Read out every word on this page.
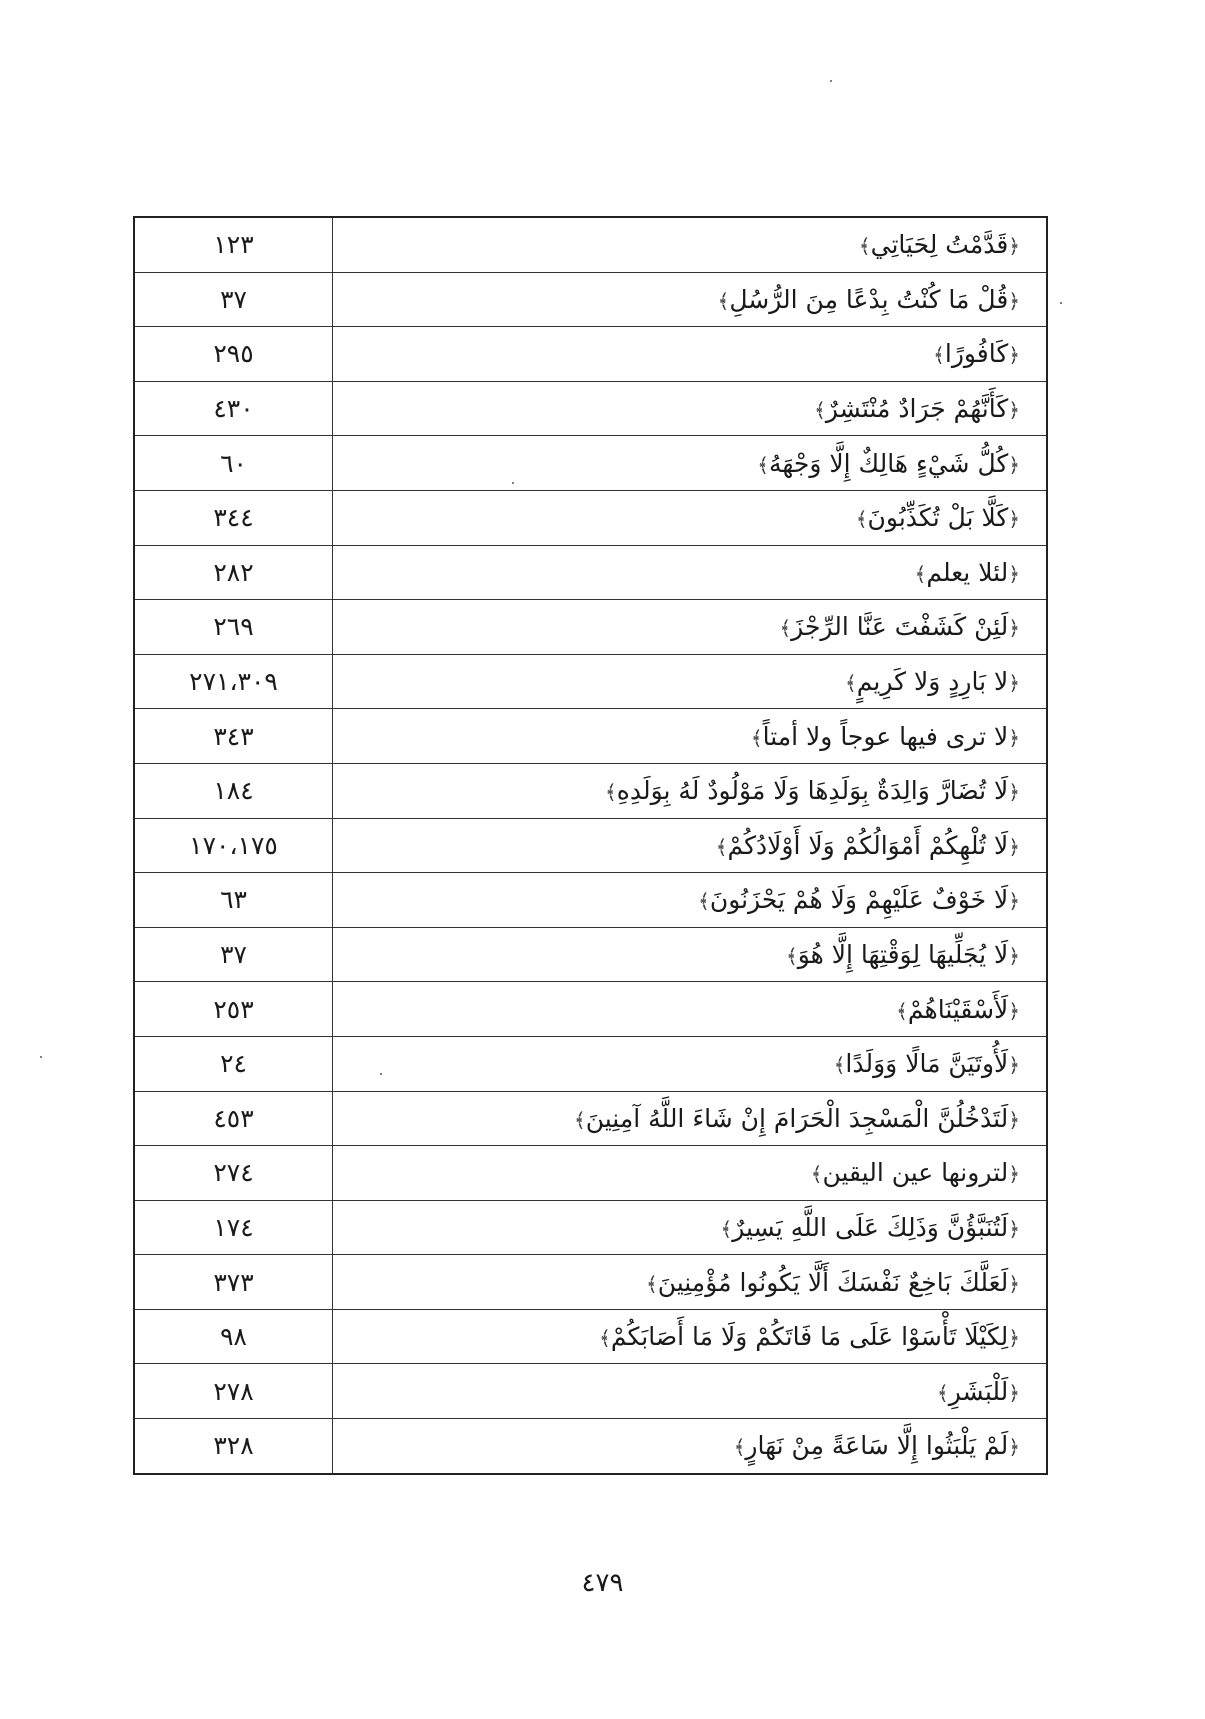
١٢٣	﴿قَدَّمْتُ لِحَيَاتِي﴾
٣٧	﴿قُلْ مَا كُنْتُ بِدْعًا مِنَ الرُّسُلِ﴾
٢٩٥	﴿كَافُورًا﴾
٤٣٠	﴿كَأَنَّهُمْ جَرَادٌ مُنْتَشِرٌ﴾
٦٠	﴿كُلُّ شَيْءٍ هَالِكٌ إِلَّا وَجْهَهُ﴾
٣٤٤	﴿كَلَّا بَلْ تُكَذِّبُونَ﴾
٢٨٢	﴿لئلا يعلم﴾
٢٦٩	﴿لَئِنْ كَشَفْتَ عَنَّا الرِّجْزَ﴾
٢٧١،٣٠٩	﴿لا بَارِدٍ وَلا كَرِيمٍ﴾
٣٤٣	﴿لا ترى فيها عوجاً ولا أمتاً﴾
١٨٤	﴿لَا تُضَارَّ وَالِدَةٌ بِوَلَدِهَا وَلَا مَوْلُودٌ لَهُ بِوَلَدِهِ﴾
١٧٠،١٧٥	﴿لَا تُلْهِكُمْ أَمْوَالُكُمْ وَلَا أَوْلَادُكُمْ﴾
٦٣	﴿لَا خَوْفٌ عَلَيْهِمْ وَلَا هُمْ يَحْزَنُونَ﴾
٣٧	﴿لَا يُجَلِّيهَا لِوَقْتِهَا إِلَّا هُوَ﴾
٢٥٣	﴿لَأَسْقَيْنَاهُمْ﴾
٢٤	﴿لَأُوتَيَنَّ مَالًا وَوَلَدًا﴾
٤٥٣	﴿لَتَدْخُلُنَّ الْمَسْجِدَ الْحَرَامَ إِنْ شَاءَ اللَّهُ آمِنِينَ﴾
٢٧٤	﴿لترونها عين اليقين﴾
١٧٤	﴿لَتُنَبَّؤُنَّ وَذَلِكَ عَلَى اللَّهِ يَسِيرٌ﴾
٣٧٣	﴿لَعَلَّكَ بَاخِعٌ نَفْسَكَ أَلَّا يَكُونُوا مُؤْمِنِينَ﴾
٩٨	﴿لِكَيْلَا تَأْسَوْا عَلَى مَا فَاتَكُمْ وَلَا مَا أَصَابَكُمْ﴾
٢٧٨	﴿لَلْبَشَرِ﴾
٣٢٨	﴿لَمْ يَلْبَثُوا إِلَّا سَاعَةً مِنْ نَهَارٍ﴾
٤٧٩
